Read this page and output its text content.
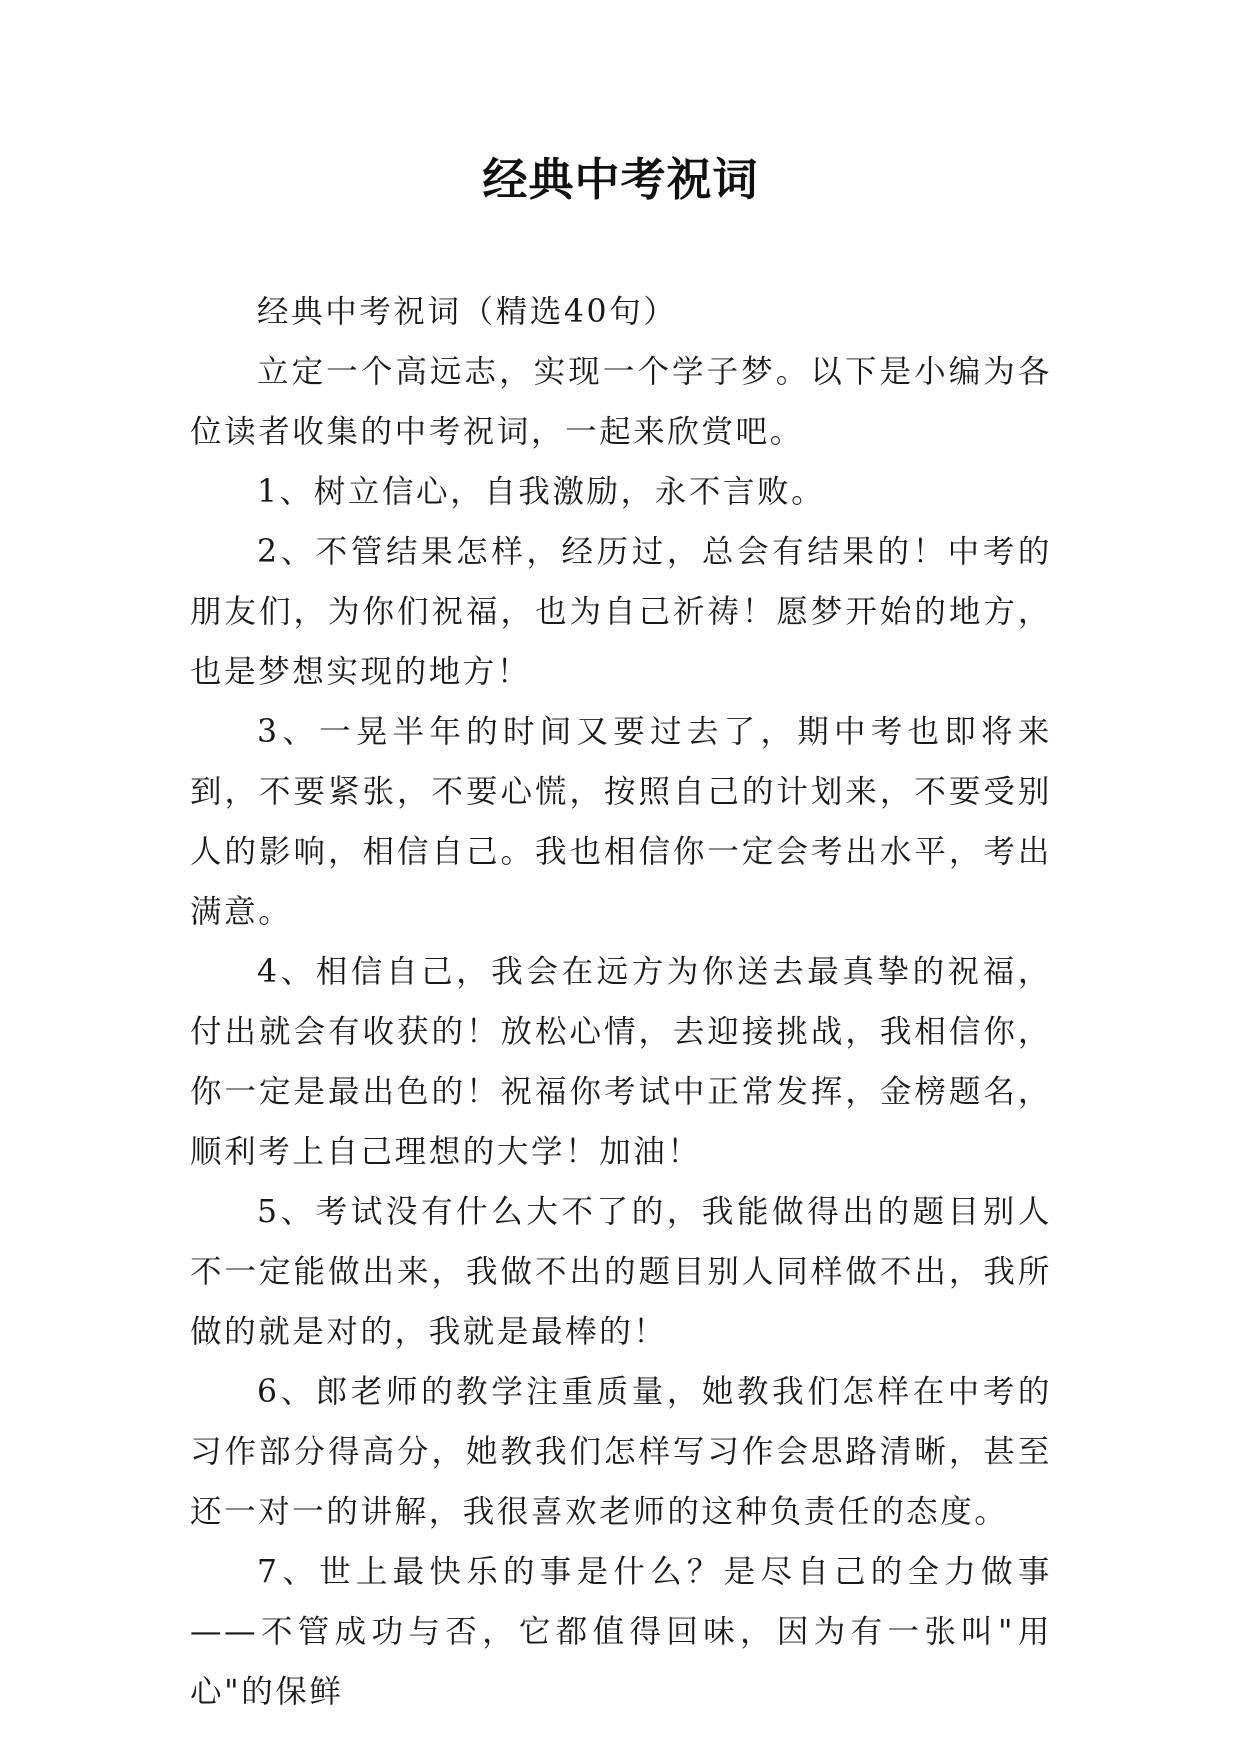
经典中考祝词

经典中考祝词（精选40句）

立定一个高远志，实现一个学子梦。以下是小编为各位读者收集的中考祝词，一起来欣赏吧。

1、树立信心，自我激励，永不言败。

2、不管结果怎样，经历过，总会有结果的！中考的朋友们，为你们祝福，也为自己祈祷！愿梦开始的地方，也是梦想实现的地方！

3、一晃半年的时间又要过去了，期中考也即将来到，不要紧张，不要心慌，按照自己的计划来，不要受别人的影响，相信自己。我也相信你一定会考出水平，考出满意。

4、相信自己，我会在远方为你送去最真挚的祝福，付出就会有收获的！放松心情，去迎接挑战，我相信你，你一定是最出色的！祝福你考试中正常发挥，金榜题名，顺利考上自己理想的大学！加油！

5、考试没有什么大不了的，我能做得出的题目别人不一定能做出来，我做不出的题目别人同样做不出，我所做的就是对的，我就是最棒的！

6、郎老师的教学注重质量，她教我们怎样在中考的习作部分得高分，她教我们怎样写习作会思路清晰，甚至还一对一的讲解，我很喜欢老师的这种负责任的态度。

7、世上最快乐的事是什么？是尽自己的全力做事——不管成功与否，它都值得回味，因为有一张叫"用心"的保鲜
